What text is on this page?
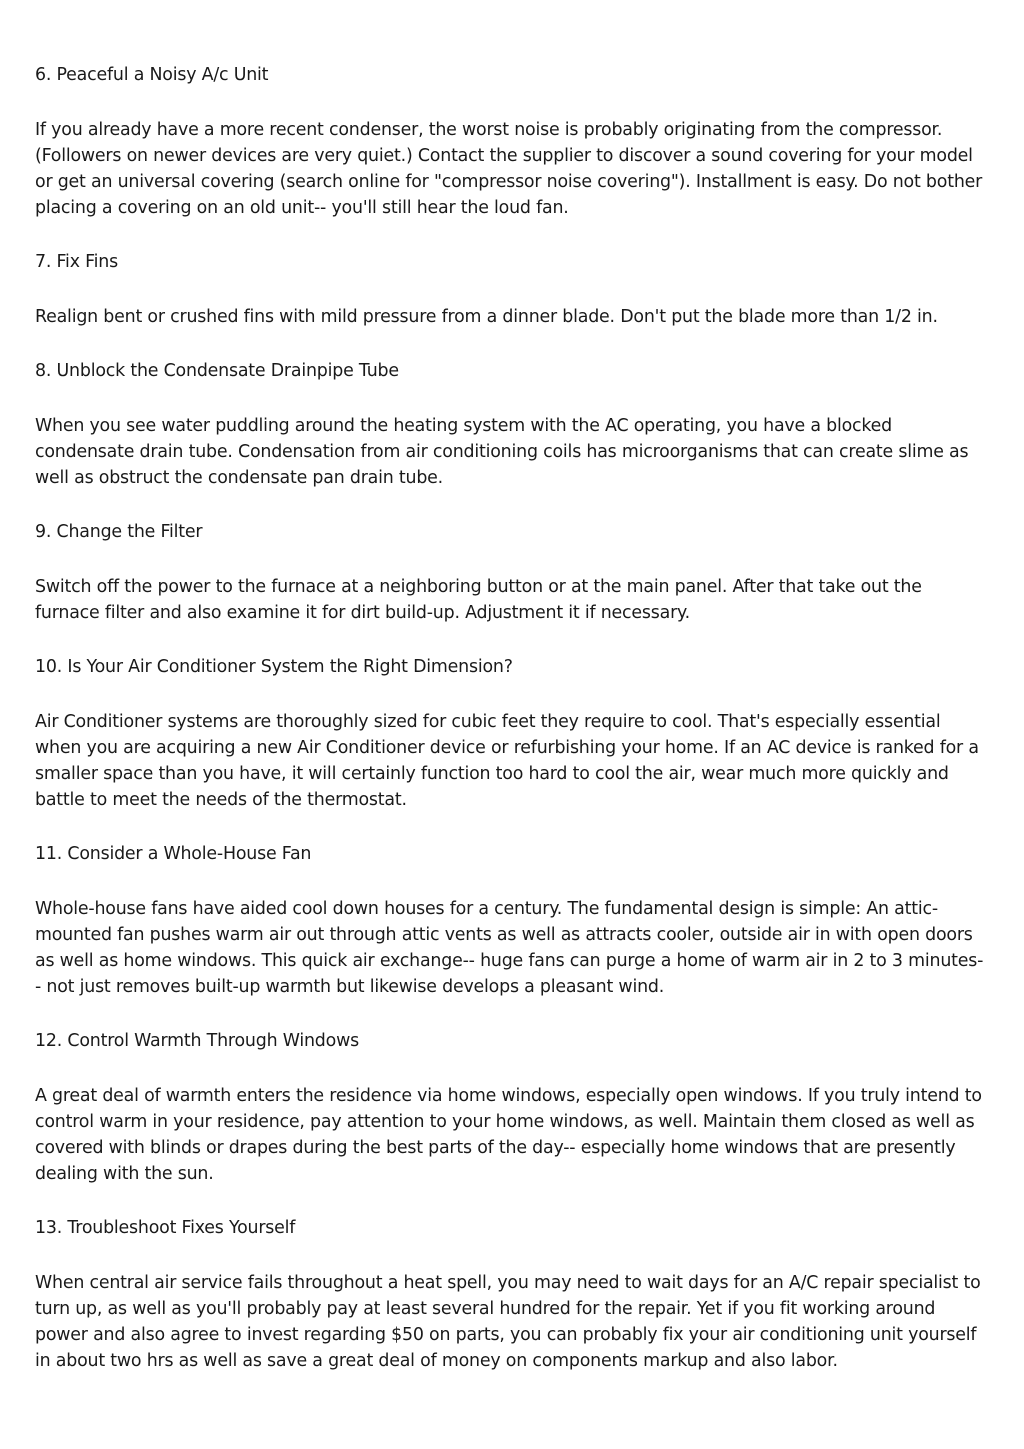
6. Peaceful a Noisy A/c Unit

If you already have a more recent condenser, the worst noise is probably originating from the compressor. (Followers on newer devices are very quiet.) Contact the supplier to discover a sound covering for your model or get an universal covering (search online for "compressor noise covering"). Installment is easy. Do not bother placing a covering on an old unit-- you'll still hear the loud fan.

7. Fix Fins

Realign bent or crushed fins with mild pressure from a dinner blade. Don't put the blade more than 1/2 in.

8. Unblock the Condensate Drainpipe Tube

When you see water puddling around the heating system with the AC operating, you have a blocked condensate drain tube. Condensation from air conditioning coils has microorganisms that can create slime as well as obstruct the condensate pan drain tube.

9. Change the Filter

Switch off the power to the furnace at a neighboring button or at the main panel. After that take out the furnace filter and also examine it for dirt build-up. Adjustment it if necessary.

10. Is Your Air Conditioner System the Right Dimension?

Air Conditioner systems are thoroughly sized for cubic feet they require to cool. That's especially essential when you are acquiring a new Air Conditioner device or refurbishing your home. If an AC device is ranked for a smaller space than you have, it will certainly function too hard to cool the air, wear much more quickly and battle to meet the needs of the thermostat.

11. Consider a Whole-House Fan

Whole-house fans have aided cool down houses for a century. The fundamental design is simple: An attic-mounted fan pushes warm air out through attic vents as well as attracts cooler, outside air in with open doors as well as home windows. This quick air exchange-- huge fans can purge a home of warm air in 2 to 3 minutes-- not just removes built-up warmth but likewise develops a pleasant wind.

12. Control Warmth Through Windows

A great deal of warmth enters the residence via home windows, especially open windows. If you truly intend to control warm in your residence, pay attention to your home windows, as well. Maintain them closed as well as covered with blinds or drapes during the best parts of the day-- especially home windows that are presently dealing with the sun.

13. Troubleshoot Fixes Yourself

When central air service fails throughout a heat spell, you may need to wait days for an A/C repair specialist to turn up, as well as you'll probably pay at least several hundred for the repair. Yet if you fit working around power and also agree to invest regarding $50 on parts, you can probably fix your air conditioning unit yourself in about two hrs as well as save a great deal of money on components markup and also labor.
